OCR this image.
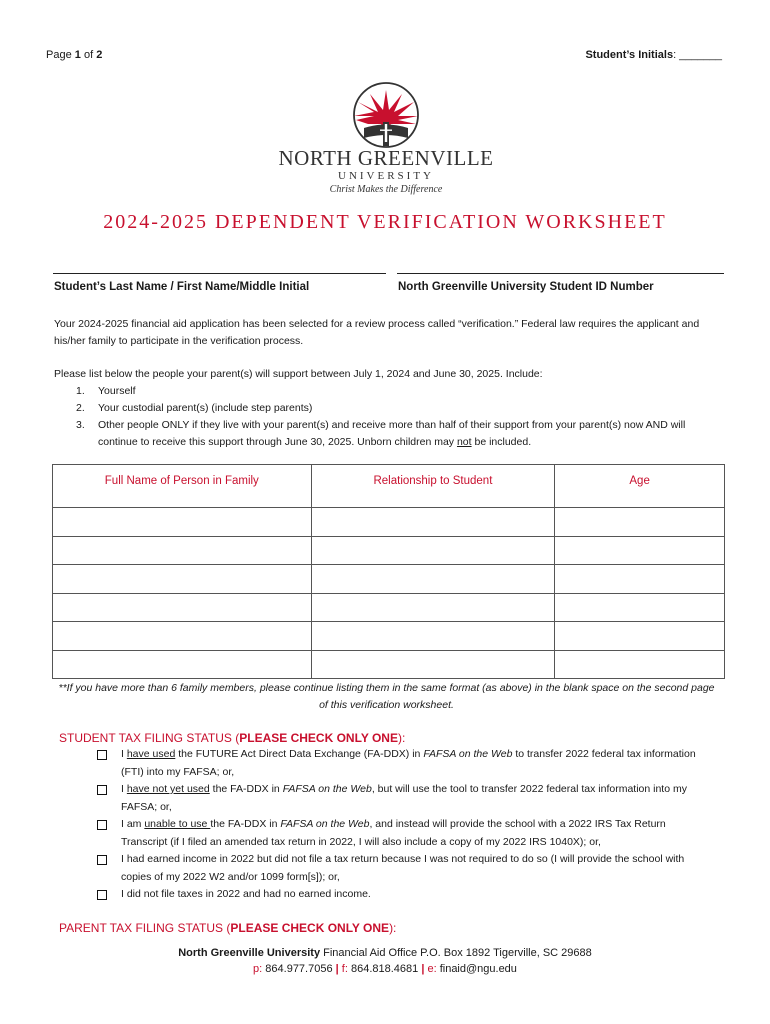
Page 1 of 2	Student’s Initials: _______
NORTH GREENVILLE
UNIVERSITY
Christ Makes the Difference
2024-2025 DEPENDENT VERIFICATION WORKSHEET
Student’s Last Name / First Name/Middle Initial	North Greenville University Student ID Number
Your 2024-2025 financial aid application has been selected for a review process called “verification.” Federal law requires the applicant and his/her family to participate in the verification process.
Please list below the people your parent(s) will support between July 1, 2024 and June 30, 2025. Include:
1.	Yourself
2.	Your custodial parent(s) (include step parents)
3.	Other people ONLY if they live with your parent(s) and receive more than half of their support from your parent(s) now AND will continue to receive this support through June 30, 2025. Unborn children may not be included.
Full Name of Person in Family	Relationship to Student	Age

**If you have more than 6 family members, please continue listing them in the same format (as above) in the blank space on the second page of this verification worksheet.
STUDENT TAX FILING STATUS (PLEASE CHECK ONLY ONE):
I have used the FUTURE Act Direct Data Exchange (FA-DDX) in FAFSA on the Web to transfer 2022 federal tax information (FTI) into my FAFSA; or,
I have not yet used the FA-DDX in FAFSA on the Web, but will use the tool to transfer 2022 federal tax information into my FAFSA; or,
I am unable to use the FA-DDX in FAFSA on the Web, and instead will provide the school with a 2022 IRS Tax Return Transcript (if I filed an amended tax return in 2022, I will also include a copy of my 2022 IRS 1040X); or,
I had earned income in 2022 but did not file a tax return because I was not required to do so (I will provide the school with copies of my 2022 W2 and/or 1099 form[s]); or,
I did not file taxes in 2022 and had no earned income.
PARENT TAX FILING STATUS (PLEASE CHECK ONLY ONE):
North Greenville University Financial Aid Office P.O. Box 1892 Tigerville, SC 29688
p: 864.977.7056 | f: 864.818.4681 | e: finaid@ngu.edu
